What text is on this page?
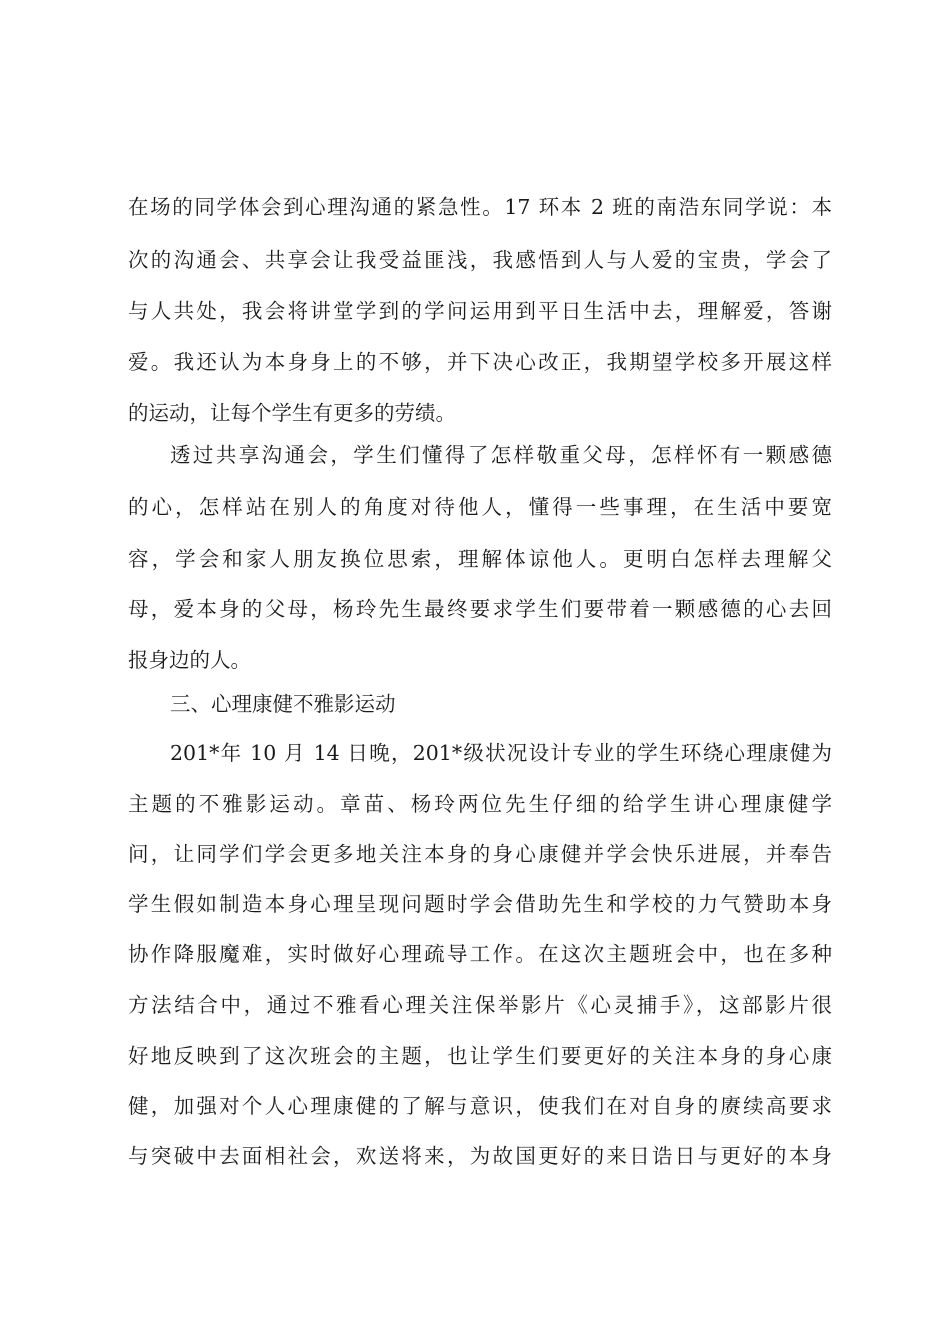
在场的同学体会到心理沟通的紧急性。17 环本 2 班的南浩东同学说：本
次的沟通会、共享会让我受益匪浅，我感悟到人与人爱的宝贵，学会了
与人共处，我会将讲堂学到的学问运用到平日生活中去，理解爱，答谢
爱。我还认为本身身上的不够，并下决心改正，我期望学校多开展这样
的运动，让每个学生有更多的劳绩。
透过共享沟通会，学生们懂得了怎样敬重父母，怎样怀有一颗感德
的心，怎样站在别人的角度对待他人，懂得一些事理，在生活中要宽
容，学会和家人朋友换位思索，理解体谅他人。更明白怎样去理解父
母，爱本身的父母，杨玲先生最终要求学生们要带着一颗感德的心去回
报身边的人。
三、心理康健不雅影运动
201*年 10 月 14 日晚，201*级状况设计专业的学生环绕心理康健为
主题的不雅影运动。章苗、杨玲两位先生仔细的给学生讲心理康健学
问，让同学们学会更多地关注本身的身心康健并学会快乐进展，并奉告
学生假如制造本身心理呈现问题时学会借助先生和学校的力气赞助本身
协作降服魔难，实时做好心理疏导工作。在这次主题班会中，也在多种
方法结合中，通过不雅看心理关注保举影片《心灵捕手》，这部影片很
好地反映到了这次班会的主题，也让学生们要更好的关注本身的身心康
健，加强对个人心理康健的了解与意识，使我们在对自身的赓续高要求
与突破中去面相社会，欢送将来，为故国更好的来日诰日与更好的本身
